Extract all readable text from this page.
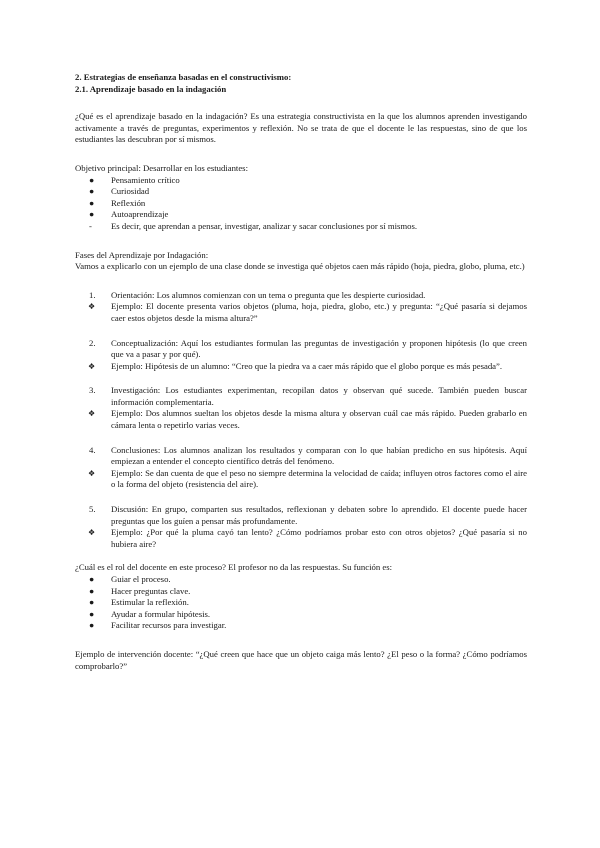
2. Estrategias de enseñanza basadas en el constructivismo:

2.1. Aprendizaje basado en la indagación

¿Qué es el aprendizaje basado en la indagación? Es una estrategia constructivista en la que los alumnos aprenden investigando activamente a través de preguntas, experimentos y reflexión. No se trata de que el docente le las respuestas, sino de que los estudiantes las descubran por sí mismos.

Objetivo principal: Desarrollar en los estudiantes:

● Pensamiento crítico
● Curiosidad
● Reflexión
● Autoaprendizaje
- Es decir, que aprendan a pensar, investigar, analizar y sacar conclusiones por sí mismos.

Fases del Aprendizaje por Indagación:

Vamos a explicarlo con un ejemplo de una clase donde se investiga qué objetos caen más rápido (hoja, piedra, globo, pluma, etc.)

1. Orientación: Los alumnos comienzan con un tema o pregunta que les despierte curiosidad.
❖ Ejemplo: El docente presenta varios objetos (pluma, hoja, piedra, globo, etc.) y pregunta: “¿Qué pasaría si dejamos caer estos objetos desde la misma altura?”
2. Conceptualización: Aquí los estudiantes formulan las preguntas de investigación y proponen hipótesis (lo que creen que va a pasar y por qué).
❖ Ejemplo: Hipótesis de un alumno: “Creo que la piedra va a caer más rápido que el globo porque es más pesada”.
3. Investigación: Los estudiantes experimentan, recopilan datos y observan qué sucede. También pueden buscar información complementaria.
❖ Ejemplo: Dos alumnos sueltan los objetos desde la misma altura y observan cuál cae más rápido. Pueden grabarlo en cámara lenta o repetirlo varias veces.
4. Conclusiones: Los alumnos analizan los resultados y comparan con lo que habían predicho en sus hipótesis. Aquí empiezan a entender el concepto científico detrás del fenómeno.
❖ Ejemplo: Se dan cuenta de que el peso no siempre determina la velocidad de caída; influyen otros factores como el aire o la forma del objeto (resistencia del aire).
5. Discusión: En grupo, comparten sus resultados, reflexionan y debaten sobre lo aprendido. El docente puede hacer preguntas que los guíen a pensar más profundamente.
❖ Ejemplo: ¿Por qué la pluma cayó tan lento? ¿Cómo podríamos probar esto con otros objetos? ¿Qué pasaría si no hubiera aire?

¿Cuál es el rol del docente en este proceso? El profesor no da las respuestas. Su función es:

● Guiar el proceso.
● Hacer preguntas clave.
● Estimular la reflexión.
● Ayudar a formular hipótesis.
● Facilitar recursos para investigar.

Ejemplo de intervención docente: “¿Qué creen que hace que un objeto caiga más lento? ¿El peso o la forma? ¿Cómo podríamos comprobarlo?”
